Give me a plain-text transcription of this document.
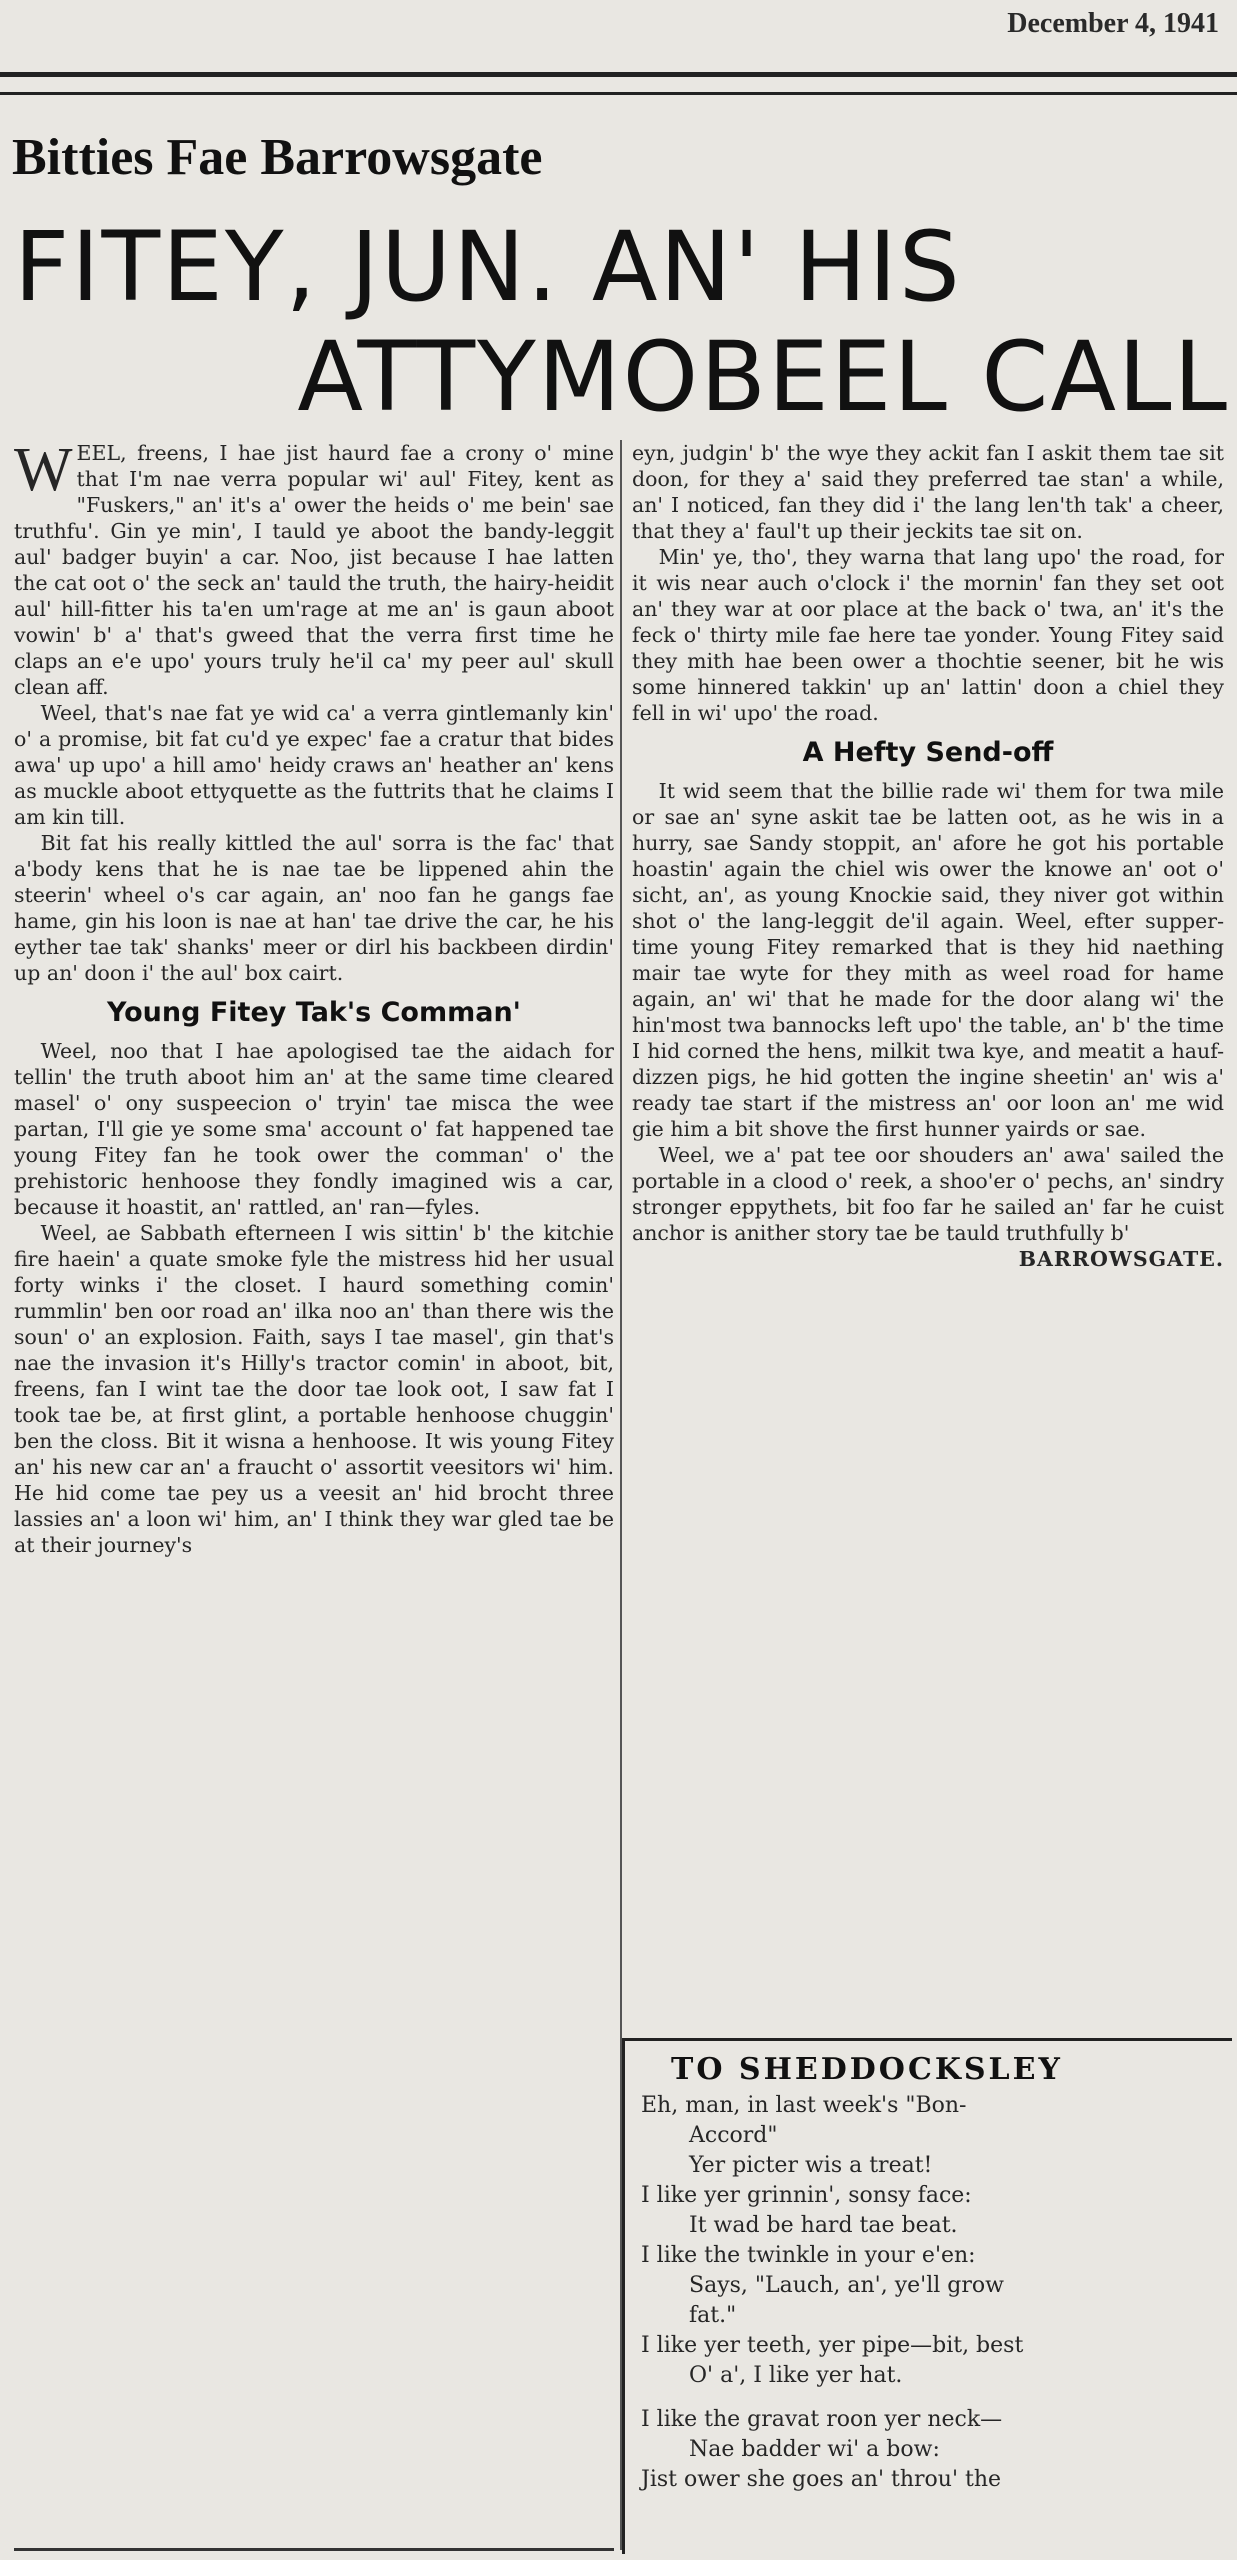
December 4, 1941

Bitties Fae Barrowsgate
FITEY, JUN. AN' HIS
ATTYMOBEEL CALL
W EEL, freens, I hae jist haurd fae a crony o' mine that I'm nae verra popular wi' aul' Fitey, kent as "Fuskers," an' it's a' ower the heids o' me bein' sae truthfu'. Gin ye min', I tauld ye aboot the bandy-leggit aul' badger buyin' a car. Noo, jist because I hae latten the cat oot o' the seck an' tauld the truth, the hairy-heidit aul' hill-fitter his ta'en um'rage at me an' is gaun aboot vowin' b' a' that's gweed that the verra first time he claps an e'e upo' yours truly he'il ca' my peer aul' skull clean aff.

Weel, that's nae fat ye wid ca' a verra gintlemanly kin' o' a promise, bit fat cu'd ye expec' fae a cratur that bides awa' up upo' a hill amo' heidy craws an' heather an' kens as muckle aboot ettyquette as the futtrits that he claims I am kin till.

Bit fat his really kittled the aul' sorra is the fac' that a'body kens that he is nae tae be lippened ahin the steerin' wheel o's car again, an' noo fan he gangs fae hame, gin his loon is nae at han' tae drive the car, he his eyther tae tak' shanks' meer or dirl his backbeen dirdin' up an' doon i' the aul' box cairt.

Young Fitey Tak's Comman'

Weel, noo that I hae apologised tae the aidach for tellin' the truth aboot him an' at the same time cleared masel' o' ony suspeecion o' tryin' tae misca the wee partan, I'll gie ye some sma' account o' fat happened tae young Fitey fan he took ower the comman' o' the prehistoric henhoose they fondly imagined wis a car, because it hoastit, an' rattled, an' ran—fyles.

Weel, ae Sabbath efterneen I wis sittin' b' the kitchie fire haein' a quate smoke fyle the mistress hid her usual forty winks i' the closet. I haurd something comin' rummlin' ben oor road an' ilka noo an' than there wis the soun' o' an explosion. Faith, says I tae masel', gin that's nae the invasion it's Hilly's tractor comin' in aboot, bit, freens, fan I wint tae the door tae look oot, I saw fat I took tae be, at first glint, a portable henhoose chuggin' ben the closs. Bit it wisna a henhoose. It wis young Fitey an' his new car an' a fraucht o' assortit veesitors wi' him. He hid come tae pey us a veesit an' hid brocht three lassies an' a loon wi' him, an' I think they war gled tae be at their journey's

eyn, judgin' b' the wye they ackit fan I askit them tae sit doon, for they a' said they preferred tae stan' a while, an' I noticed, fan they did i' the lang len'th tak' a cheer, that they a' faul't up their jeckits tae sit on.

Min' ye, tho', they warna that lang upo' the road, for it wis near auch o'clock i' the mornin' fan they set oot an' they war at oor place at the back o' twa, an' it's the feck o' thirty mile fae here tae yonder. Young Fitey said they mith hae been ower a thochtie seener, bit he wis some hinnered takkin' up an' lattin' doon a chiel they fell in wi' upo' the road.

A Hefty Send-off

It wid seem that the billie rade wi' them for twa mile or sae an' syne askit tae be latten oot, as he wis in a hurry, sae Sandy stoppit, an' afore he got his portable hoastin' again the chiel wis ower the knowe an' oot o' sicht, an', as young Knockie said, they niver got within shot o' the lang-leggit de'il again. Weel, efter supper-time young Fitey remarked that is they hid naething mair tae wyte for they mith as weel road for hame again, an' wi' that he made for the door alang wi' the hin'most twa bannocks left upo' the table, an' b' the time I hid corned the hens, milkit twa kye, and meatit a hauf-dizzen pigs, he hid gotten the ingine sheetin' an' wis a' ready tae start if the mistress an' oor loon an' me wid gie him a bit shove the first hunner yairds or sae.

Weel, we a' pat tee oor shouders an' awa' sailed the portable in a clood o' reek, a shoo'er o' pechs, an' sindry stronger eppythets, bit foo far he sailed an' far he cuist anchor is anither story tae be tauld truthfully b'

BARROWSGATE.

TO SHEDDOCKSLEY
Eh, man, in last week's "Bon-
Accord"
Yer picter wis a treat!
I like yer grinnin', sonsy face:
It wad be hard tae beat.
I like the twinkle in your e'en:
Says, "Lauch, an', ye'll grow
fat."
I like yer teeth, yer pipe—bit, best
O' a', I like yer hat.
I like the gravat roon yer neck—
Nae badder wi' a bow:
Jist ower she goes an' throu' the
